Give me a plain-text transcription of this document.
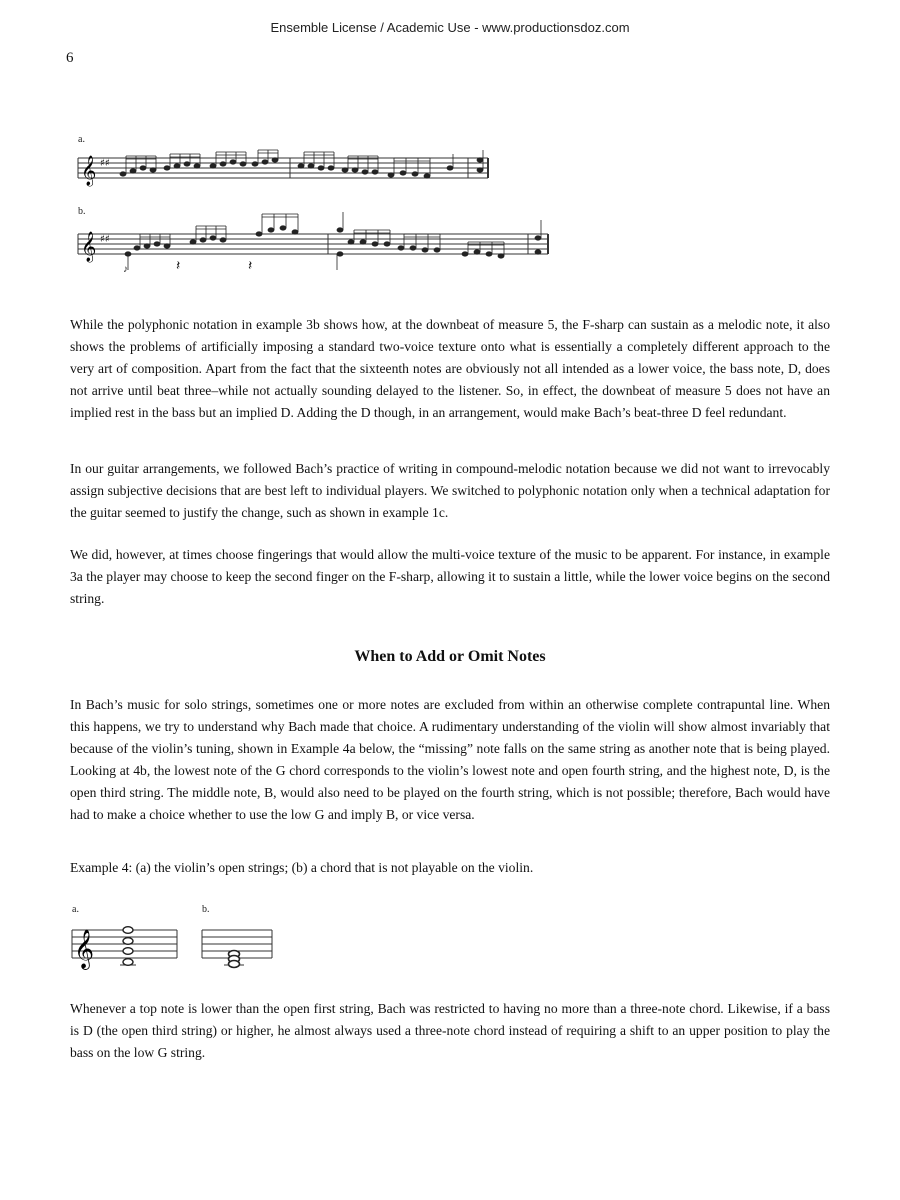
Ensemble License / Academic Use - www.productionsdoz.com
6
a.
𝄞 ♯♯
b.
𝄞 ♯♯
♪	𝄽	𝄽

While the polyphonic notation in example 3b shows how, at the downbeat of measure 5, the F-sharp can sustain as a melodic note, it also shows the problems of artificially imposing a standard two-voice texture onto what is essentially a completely different approach to the very art of composition. Apart from the fact that the sixteenth notes are obviously not all intended as a lower voice, the bass note, D, does not arrive until beat three–while not actually sounding delayed to the listener. So, in effect, the downbeat of measure 5 does not have an implied rest in the bass but an implied D. Adding the D though, in an arrangement, would make Bach’s beat-three D feel redundant.

In our guitar arrangements, we followed Bach’s practice of writing in compound-melodic notation because we did not want to irrevocably assign subjective decisions that are best left to individual players. We switched to polyphonic notation only when a technical adaptation for the guitar seemed to justify the change, such as shown in example 1c.

We did, however, at times choose fingerings that would allow the multi-voice texture of the music to be apparent. For instance, in example 3a the player may choose to keep the second finger on the F-sharp, allowing it to sustain a little, while the lower voice begins on the second string.

When to Add or Omit Notes

In Bach’s music for solo strings, sometimes one or more notes are excluded from within an otherwise complete contrapuntal line. When this happens, we try to understand why Bach made that choice. A rudimentary understanding of the violin will show almost invariably that because of the violin’s tuning, shown in Example 4a below, the “missing” note falls on the same string as another note that is being played. Looking at 4b, the lowest note of the G chord corresponds to the violin’s lowest note and open fourth string, and the highest note, D, is the open third string. The middle note, B, would also need to be played on the fourth string, which is not possible; therefore, Bach would have had to make a choice whether to use the low G and imply B, or vice versa.

Example 4: (a) the violin’s open strings; (b) a chord that is not playable on the violin.
a.
𝄞
b.

Whenever a top note is lower than the open first string, Bach was restricted to having no more than a three-note chord. Likewise, if a bass is D (the open third string) or higher, he almost always used a three-note chord instead of requiring a shift to an upper position to play the bass on the low G string.
